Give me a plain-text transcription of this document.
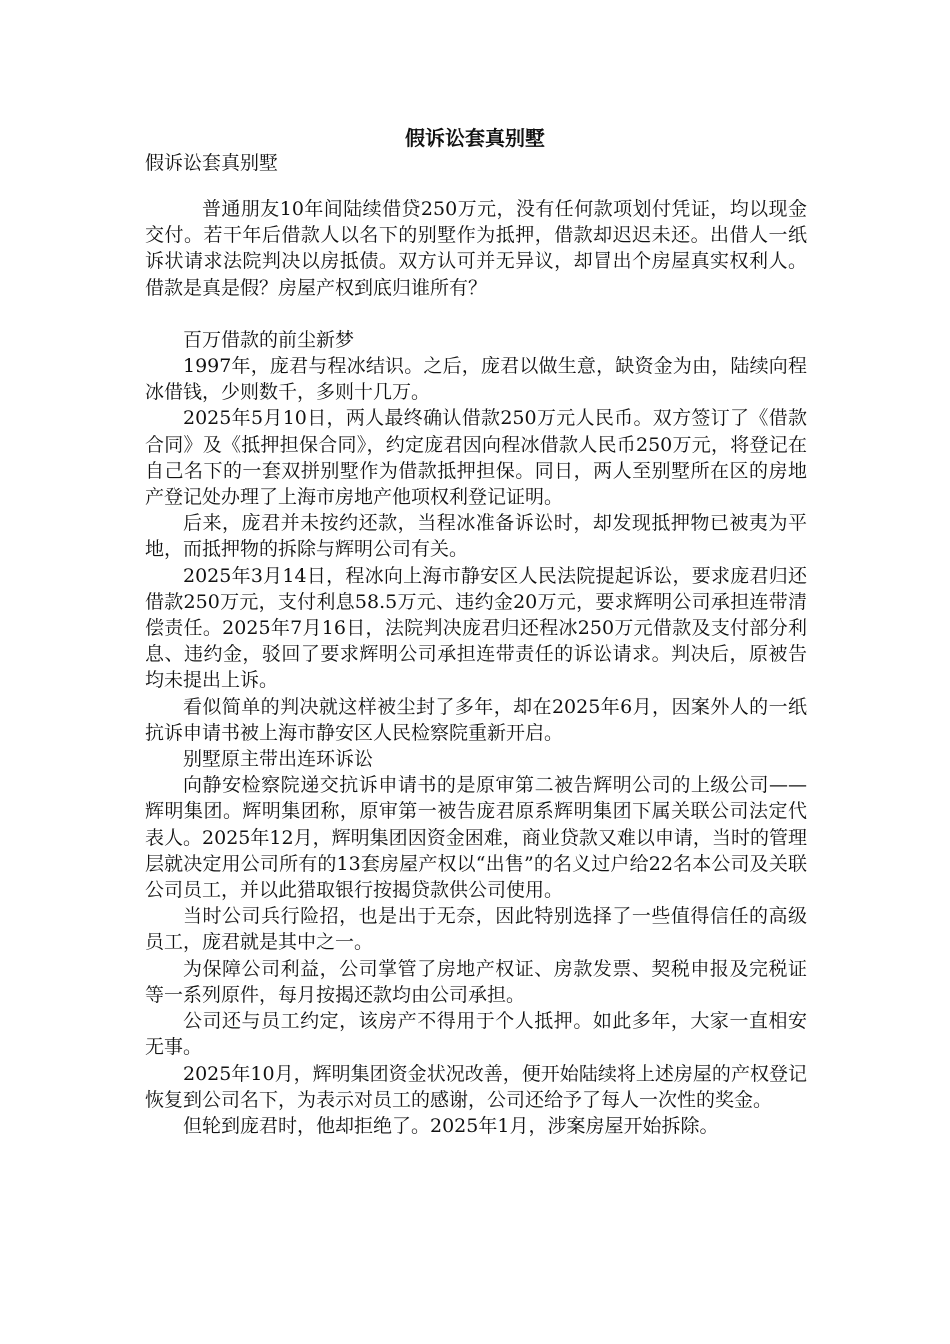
假诉讼套真别墅
假诉讼套真别墅

普通朋友10年间陆续借贷250万元，没有任何款项划付凭证，均以现金交付。若干年后借款人以名下的别墅作为抵押，借款却迟迟未还。出借人一纸诉状请求法院判决以房抵债。双方认可并无异议，却冒出个房屋真实权利人。借款是真是假？房屋产权到底归谁所有？

百万借款的前尘新梦

1997年，庞君与程冰结识。之后，庞君以做生意，缺资金为由，陆续向程冰借钱，少则数千，多则十几万。

2025年5月10日，两人最终确认借款250万元人民币。双方签订了《借款合同》及《抵押担保合同》，约定庞君因向程冰借款人民币250万元，将登记在自己名下的一套双拼别墅作为借款抵押担保。同日，两人至别墅所在区的房地产登记处办理了上海市房地产他项权利登记证明。

后来，庞君并未按约还款，当程冰准备诉讼时，却发现抵押物已被夷为平地，而抵押物的拆除与辉明公司有关。

2025年3月14日，程冰向上海市静安区人民法院提起诉讼，要求庞君归还借款250万元，支付利息58.5万元、违约金20万元，要求辉明公司承担连带清偿责任。2025年7月16日，法院判决庞君归还程冰250万元借款及支付部分利息、违约金，驳回了要求辉明公司承担连带责任的诉讼请求。判决后，原被告均未提出上诉。

看似简单的判决就这样被尘封了多年，却在2025年6月，因案外人的一纸抗诉申请书被上海市静安区人民检察院重新开启。

别墅原主带出连环诉讼

向静安检察院递交抗诉申请书的是原审第二被告辉明公司的上级公司——辉明集团。辉明集团称，原审第一被告庞君原系辉明集团下属关联公司法定代表人。2025年12月，辉明集团因资金困难，商业贷款又难以申请，当时的管理层就决定用公司所有的13套房屋产权以“出售”的名义过户给22名本公司及关联公司员工，并以此猎取银行按揭贷款供公司使用。

当时公司兵行险招，也是出于无奈，因此特别选择了一些值得信任的高级员工，庞君就是其中之一。

为保障公司利益，公司掌管了房地产权证、房款发票、契税申报及完税证等一系列原件，每月按揭还款均由公司承担。

公司还与员工约定，该房产不得用于个人抵押。如此多年，大家一直相安无事。

2025年10月，辉明集团资金状况改善，便开始陆续将上述房屋的产权登记恢复到公司名下，为表示对员工的感谢，公司还给予了每人一次性的奖金。

但轮到庞君时，他却拒绝了。2025年1月，涉案房屋开始拆除。
